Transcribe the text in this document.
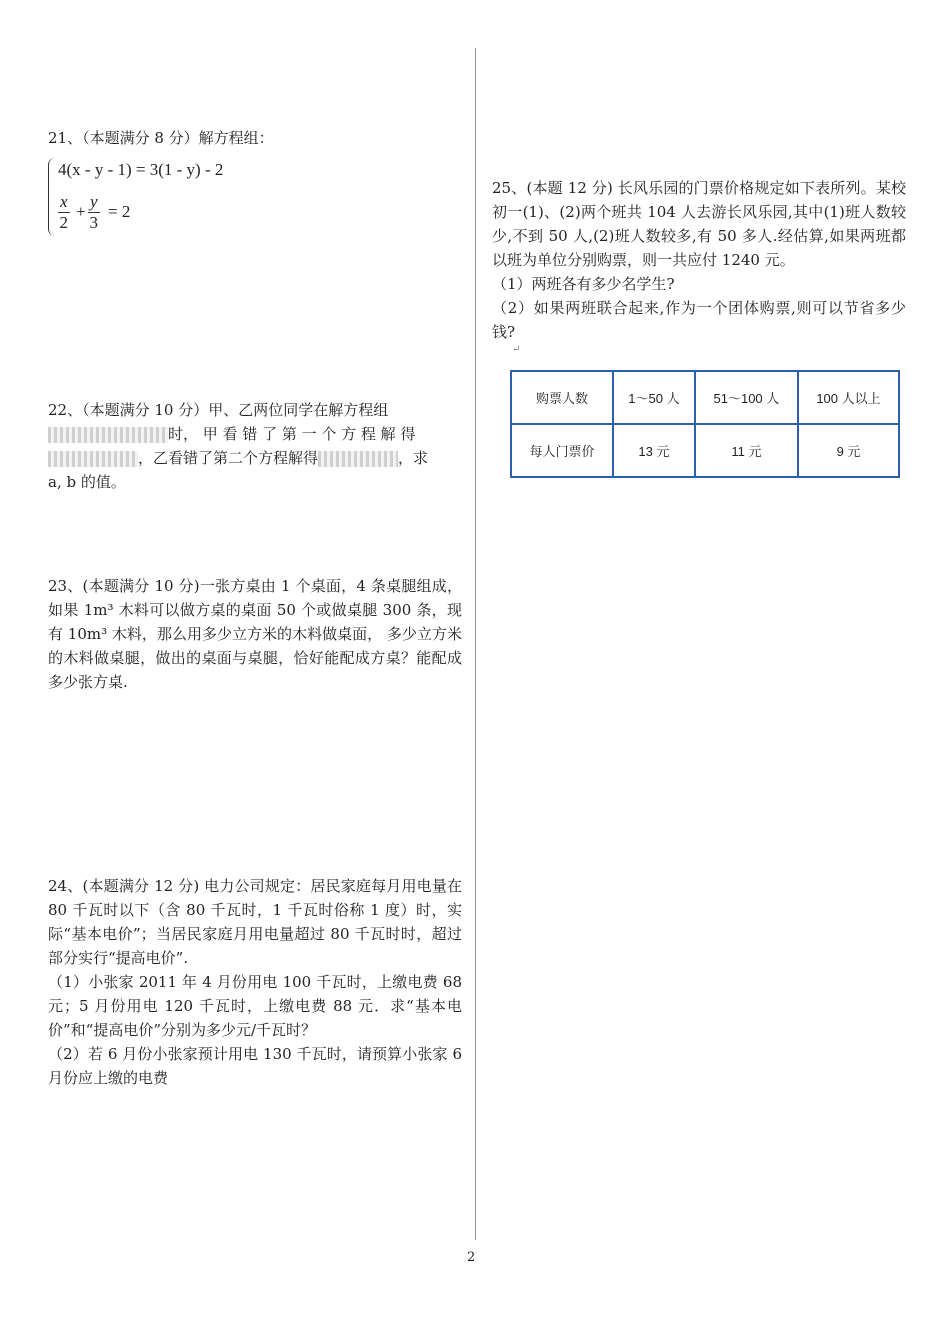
21、（本题满分 8 分）解方程组：

4(x - y - 1) = 3(1 - y) - 2
$\frac{x}{2} + \frac{y}{3} = 2$

22、（本题满分 10 分）甲、乙两位同学在解方程组

时， 甲 看 错 了 第 一 个 方 程 解 得

，乙看错了第二个方程解得	，求

a, b 的值。

23、(本题满分 10 分)一张方桌由 1 个桌面，4 条桌腿组成，如果 1m³ 木料可以做方桌的桌面 50 个或做桌腿 300 条，现有 10m³ 木料，那么用多少立方米的木料做桌面， 多少立方米的木料做桌腿，做出的桌面与桌腿，恰好能配成方桌？能配成多少张方桌.

24、(本题满分 12 分) 电力公司规定：居民家庭每月用电量在 80 千瓦时以下（含 80 千瓦时，1 千瓦时俗称 1 度）时，实际“基本电价”；当居民家庭月用电量超过 80 千瓦时时，超过部分实行“提高电价”.

（1）小张家 2011 年 4 月份用电 100 千瓦时，上缴电费 68 元；5 月份用电 120 千瓦时，上缴电费 88 元．求“基本电价”和“提高电价”分别为多少元/千瓦时？

（2）若 6 月份小张家预计用电 130 千瓦时，请预算小张家 6 月份应上缴的电费

25、(本题 12 分) 长风乐园的门票价格规定如下表所列。某校初一(1)、(2)两个班共 104 人去游长风乐园,其中(1)班人数较少,不到 50 人,(2)班人数较多,有 50 多人.经估算,如果两班都以班为单位分别购票，则一共应付 1240 元。

（1）两班各有多少名学生?

（2）如果两班联合起来,作为一个团体购票,则可以节省多少钱?

↵

购票人数	1～50 人	51～100 人	100 人以上
每人门票价	13 元	11 元	9 元
2
